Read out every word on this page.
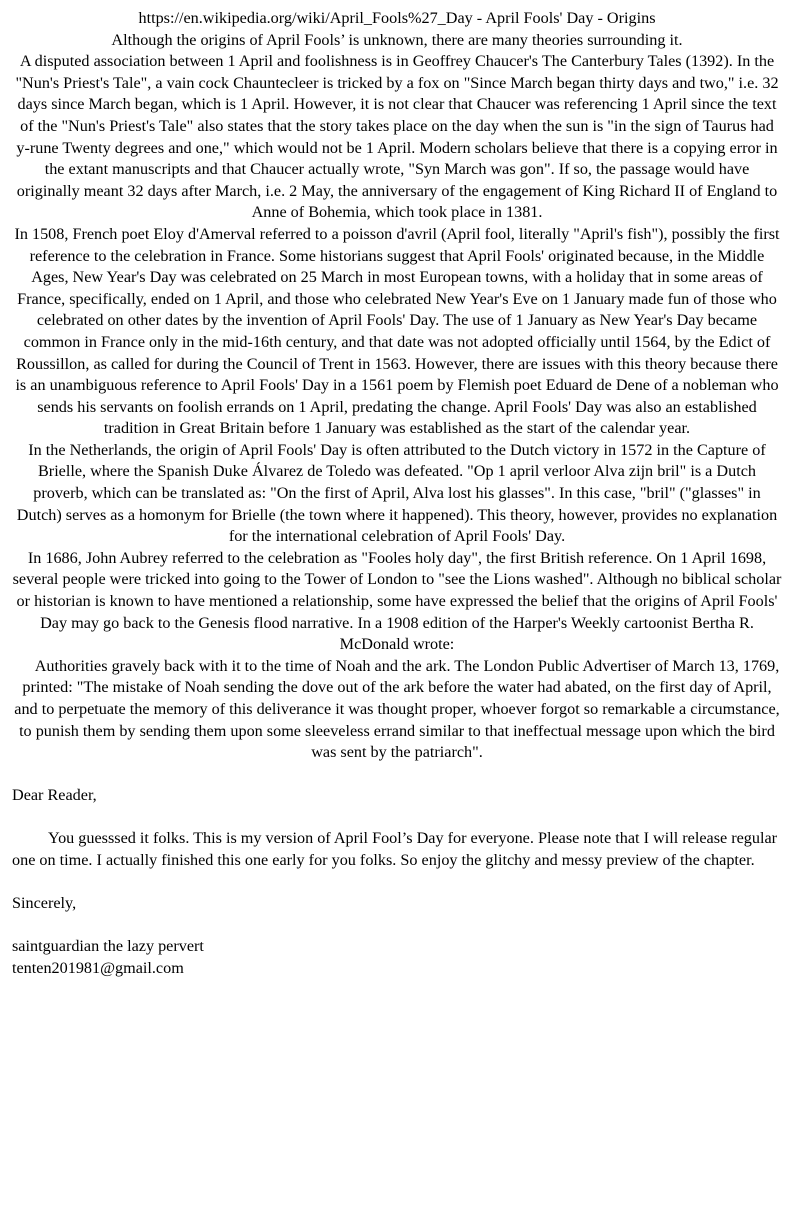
https://en.wikipedia.org/wiki/April_Fools%27_Day - April Fools' Day - Origins

Although the origins of April Fools’ is unknown, there are many theories surrounding it.

A disputed association between 1 April and foolishness is in Geoffrey Chaucer's The Canterbury Tales (1392). In the "Nun's Priest's Tale", a vain cock Chauntecleer is tricked by a fox on "Since March began thirty days and two," i.e. 32 days since March began, which is 1 April. However, it is not clear that Chaucer was referencing 1 April since the text of the "Nun's Priest's Tale" also states that the story takes place on the day when the sun is "in the sign of Taurus had y-rune Twenty degrees and one," which would not be 1 April. Modern scholars believe that there is a copying error in the extant manuscripts and that Chaucer actually wrote, "Syn March was gon". If so, the passage would have originally meant 32 days after March, i.e. 2 May, the anniversary of the engagement of King Richard II of England to Anne of Bohemia, which took place in 1381.

In 1508, French poet Eloy d'Amerval referred to a poisson d'avril (April fool, literally "April's fish"), possibly the first reference to the celebration in France. Some historians suggest that April Fools' originated because, in the Middle Ages, New Year's Day was celebrated on 25 March in most European towns, with a holiday that in some areas of France, specifically, ended on 1 April, and those who celebrated New Year's Eve on 1 January made fun of those who celebrated on other dates by the invention of April Fools' Day. The use of 1 January as New Year's Day became common in France only in the mid-16th century, and that date was not adopted officially until 1564, by the Edict of Roussillon, as called for during the Council of Trent in 1563. However, there are issues with this theory because there is an unambiguous reference to April Fools' Day in a 1561 poem by Flemish poet Eduard de Dene of a nobleman who sends his servants on foolish errands on 1 April, predating the change. April Fools' Day was also an established tradition in Great Britain before 1 January was established as the start of the calendar year.

In the Netherlands, the origin of April Fools' Day is often attributed to the Dutch victory in 1572 in the Capture of Brielle, where the Spanish Duke Álvarez de Toledo was defeated. "Op 1 april verloor Alva zijn bril" is a Dutch proverb, which can be translated as: "On the first of April, Alva lost his glasses". In this case, "bril" ("glasses" in Dutch) serves as a homonym for Brielle (the town where it happened). This theory, however, provides no explanation for the international celebration of April Fools' Day.

In 1686, John Aubrey referred to the celebration as "Fooles holy day", the first British reference. On 1 April 1698, several people were tricked into going to the Tower of London to "see the Lions washed". Although no biblical scholar or historian is known to have mentioned a relationship, some have expressed the belief that the origins of April Fools' Day may go back to the Genesis flood narrative. In a 1908 edition of the Harper's Weekly cartoonist Bertha R. McDonald wrote:

Authorities gravely back with it to the time of Noah and the ark. The London Public Advertiser of March 13, 1769, printed: "The mistake of Noah sending the dove out of the ark before the water had abated, on the first day of April, and to perpetuate the memory of this deliverance it was thought proper, whoever forgot so remarkable a circumstance, to punish them by sending them upon some sleeveless errand similar to that ineffectual message upon which the bird was sent by the patriarch".

Dear Reader,

You guesssed it folks. This is my version of April Fool’s Day for everyone. Please note that I will release regular one on time. I actually finished this one early for you folks. So enjoy the glitchy and messy preview of the chapter.

Sincerely,

saintguardian the lazy pervert

tenten201981@gmail.com
